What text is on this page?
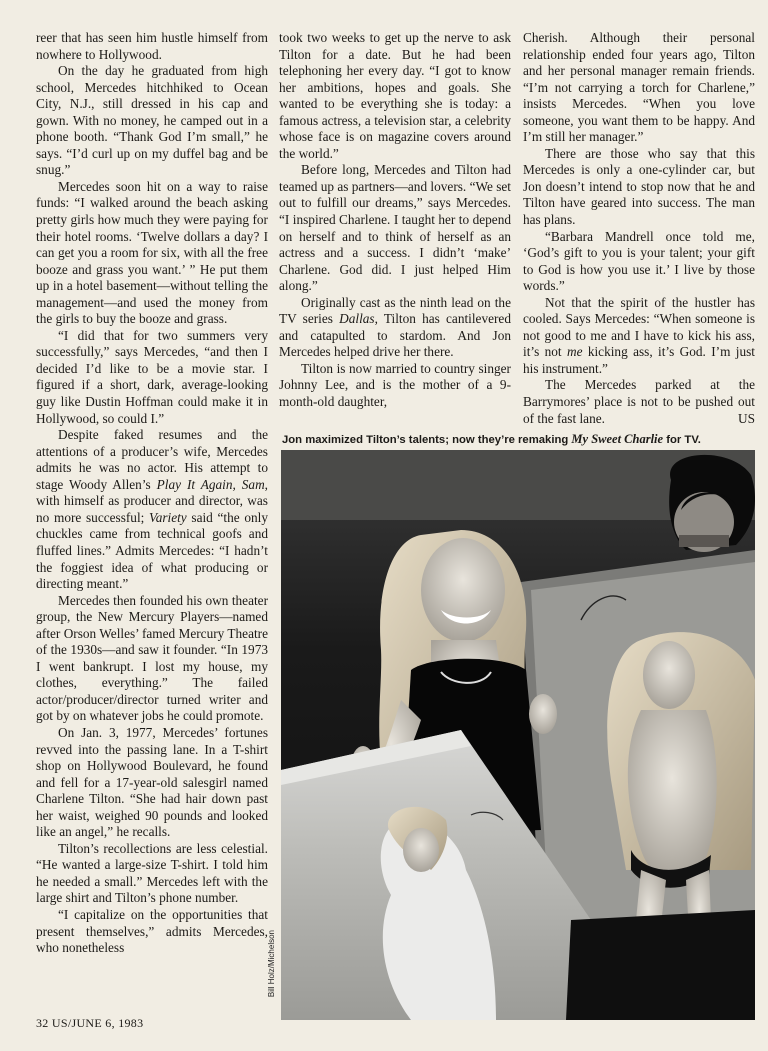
reer that has seen him hustle himself from nowhere to Hollywood.

On the day he graduated from high school, Mercedes hitchhiked to Ocean City, N.J., still dressed in his cap and gown. With no money, he camped out in a phone booth. “Thank God I’m small,” he says. “I’d curl up on my duffel bag and be snug.”

Mercedes soon hit on a way to raise funds: “I walked around the beach asking pretty girls how much they were paying for their hotel rooms. ‘Twelve dollars a day? I can get you a room for six, with all the free booze and grass you want.’ ” He put them up in a hotel basement—without telling the management—and used the money from the girls to buy the booze and grass.

“I did that for two summers very successfully,” says Mercedes, “and then I decided I’d like to be a movie star. I figured if a short, dark, average-looking guy like Dustin Hoffman could make it in Hollywood, so could I.”

Despite faked resumes and the attentions of a producer’s wife, Mercedes admits he was no actor. His attempt to stage Woody Allen’s Play It Again, Sam, with himself as producer and director, was no more successful; Variety said “the only chuckles came from technical goofs and fluffed lines.” Admits Mercedes: “I hadn’t the foggiest idea of what producing or directing meant.”

Mercedes then founded his own theater group, the New Mercury Players—named after Orson Welles’ famed Mercury Theatre of the 1930s—and saw it founder. “In 1973 I went bankrupt. I lost my house, my clothes, everything.” The failed actor/producer/director turned writer and got by on whatever jobs he could promote.

On Jan. 3, 1977, Mercedes’ fortunes revved into the passing lane. In a T-shirt shop on Hollywood Boulevard, he found and fell for a 17-year-old salesgirl named Charlene Tilton. “She had hair down past her waist, weighed 90 pounds and looked like an angel,” he recalls.

Tilton’s recollections are less celestial. “He wanted a large-size T-shirt. I told him he needed a small.” Mercedes left with the large shirt and Tilton’s phone number.

“I capitalize on the opportunities that present themselves,” admits Mercedes, who nonetheless

took two weeks to get up the nerve to ask Tilton for a date. But he had been telephoning her every day. “I got to know her ambitions, hopes and goals. She wanted to be everything she is today: a famous actress, a television star, a celebrity whose face is on magazine covers around the world.”

Before long, Mercedes and Tilton had teamed up as partners—and lovers. “We set out to fulfill our dreams,” says Mercedes. “I inspired Charlene. I taught her to depend on herself and to think of herself as an actress and a success. I didn’t ‘make’ Charlene. God did. I just helped Him along.”

Originally cast as the ninth lead on the TV series Dallas, Tilton has cantilevered and catapulted to stardom. And Jon Mercedes helped drive her there.

Tilton is now married to country singer Johnny Lee, and is the mother of a 9-month-old daughter,

Cherish. Although their personal relationship ended four years ago, Tilton and her personal manager remain friends. “I’m not carrying a torch for Charlene,” insists Mercedes. “When you love someone, you want them to be happy. And I’m still her manager.”

There are those who say that this Mercedes is only a one-cylinder car, but Jon doesn’t intend to stop now that he and Tilton have geared into success. The man has plans.

“Barbara Mandrell once told me, ‘God’s gift to you is your talent; your gift to God is how you use it.’ I live by those words.”

Not that the spirit of the hustler has cooled. Says Mercedes: “When someone is not good to me and I have to kick his ass, it’s not me kicking ass, it’s God. I’m just his instrument.”

The Mercedes parked at the Barrymores’ place is not to be pushed out of the fast lane.	US

Jon maximized Tilton’s talents; now they’re remaking My Sweet Charlie for TV.
Bill Holz/Michelson
32 US/JUNE 6, 1983
